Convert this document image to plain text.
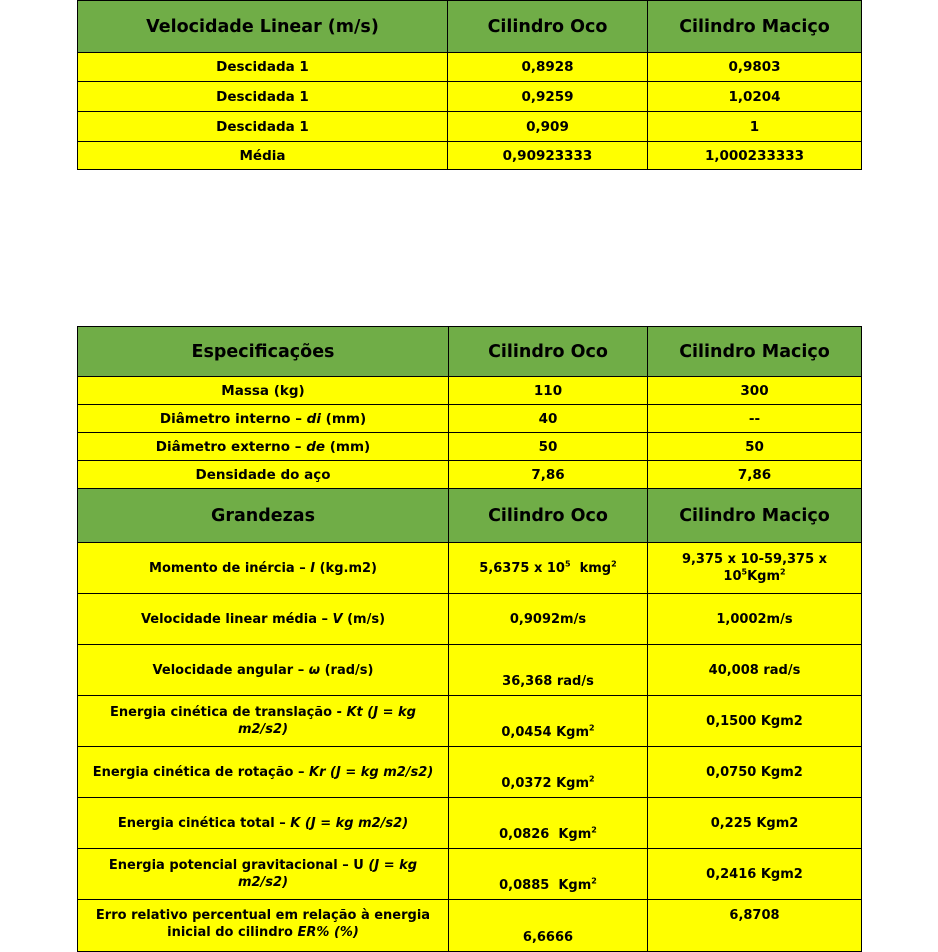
Velocidade Linear (m/s)	Cilindro Oco	Cilindro Maciço
Descidada 1	0,8928	0,9803
Descidada 1	0,9259	1,0204
Descidada 1	0,909	1
Média	0,90923333	1,000233333
Especificações	Cilindro Oco	Cilindro Maciço
Massa (kg)	110	300
Diâmetro interno – di (mm)	40	--
Diâmetro externo – de (mm)	50	50
Densidade do aço	7,86	7,86
Grandezas	Cilindro Oco	Cilindro Maciço
Momento de inércia – I (kg.m2)	5,6375 x $10^5$  kmg$^2$	9,375 x 10-59,375 x $10^5Kgm^2$
Velocidade linear média – V (m/s)	0,9092m/s	1,0002m/s
Velocidade angular – ω (rad/s)	36,368 rad/s	40,008 rad/s
Energia cinética de translação - Kt (J = kg m2/s2)	0,0454 Kgm$^2$	0,1500 Kgm2
Energia cinética de rotação – Kr (J = kg m2/s2)	0,0372 Kgm$^2$	0,0750 Kgm2
Energia cinética total – K (J = kg m2/s2)	0,0826  Kgm$^2$	0,225 Kgm2
Energia potencial gravitacional – U (J = kg m2/s2)	0,0885  Kgm$^2$	0,2416 Kgm2
Erro relativo percentual em relação à energia inicial do cilindro ER% (%)	6,6666	6,8708
